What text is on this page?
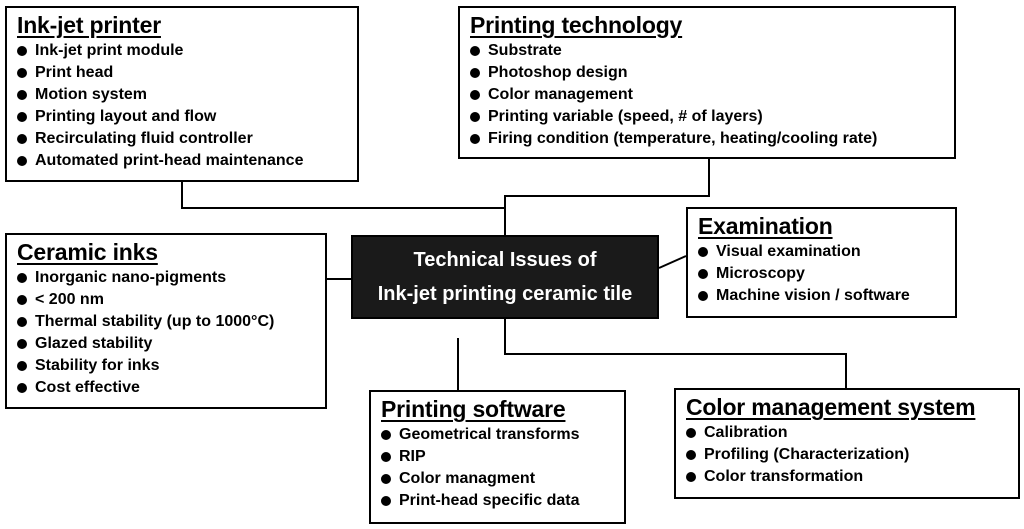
Ink-jet printer
Ink-jet print module
Print head
Motion system
Printing layout and flow
Recirculating fluid controller
Automated print-head maintenance
Printing technology
Substrate
Photoshop design
Color management
Printing variable (speed, # of layers)
Firing condition (temperature, heating/cooling rate)
Ceramic inks
Inorganic nano-pigments
< 200 nm
Thermal stability (up to 1000°C)
Glazed stability
Stability for inks
Cost effective
Technical Issues of
Ink-jet printing ceramic tile
Examination
Visual examination
Microscopy
Machine vision / software
Printing software
Geometrical transforms
RIP
Color managment
Print-head specific data
Color management system
Calibration
Profiling (Characterization)
Color transformation
